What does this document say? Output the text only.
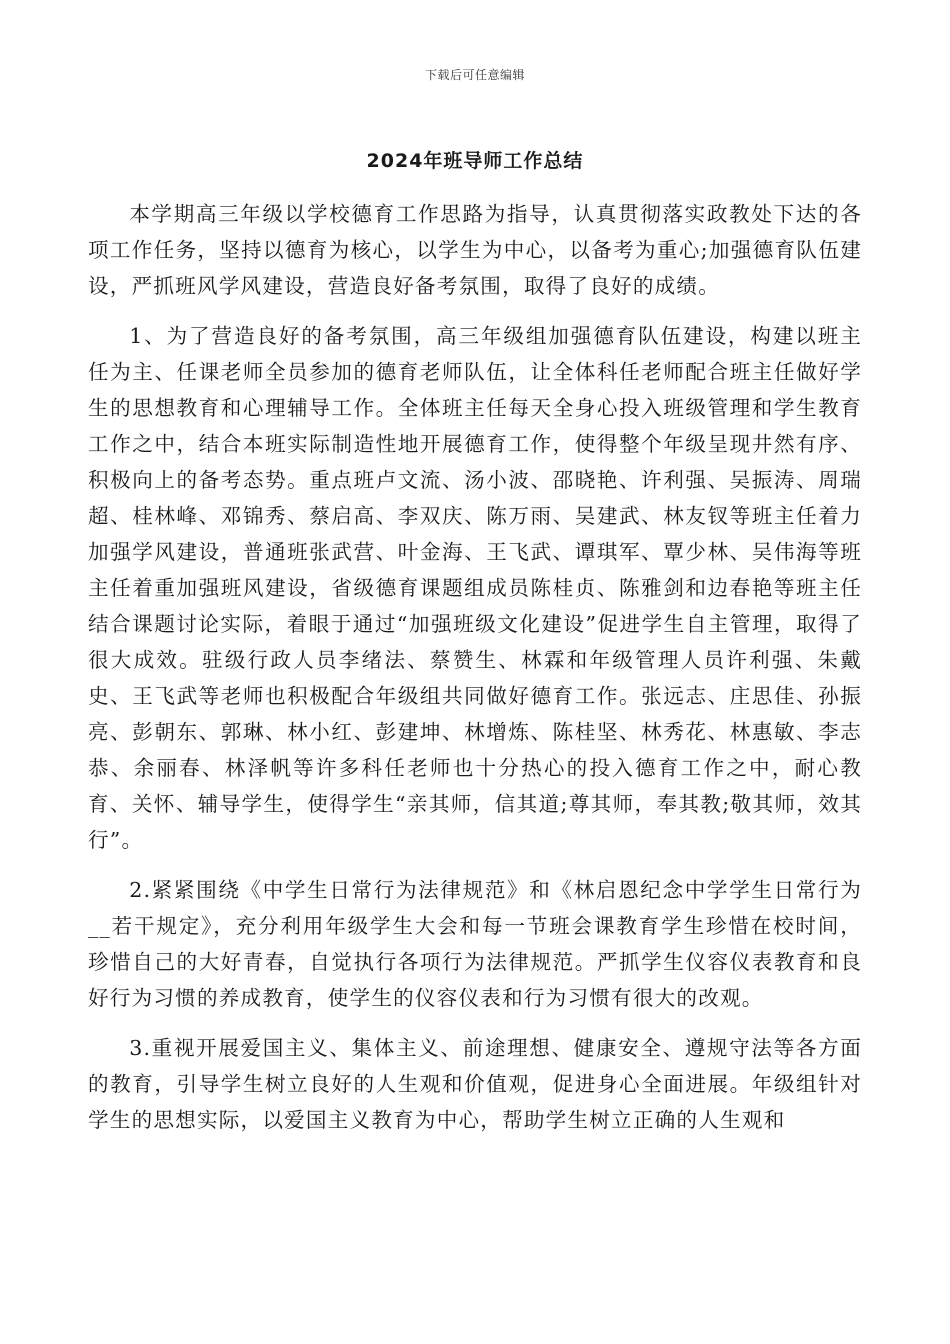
下载后可任意编辑
2024年班导师工作总结

本学期高三年级以学校德育工作思路为指导，认真贯彻落实政教处下达的各项工作任务，坚持以德育为核心，以学生为中心，以备考为重心;加强德育队伍建设，严抓班风学风建设，营造良好备考氛围，取得了良好的成绩。

1、为了营造良好的备考氛围，高三年级组加强德育队伍建设，构建以班主任为主、任课老师全员参加的德育老师队伍，让全体科任老师配合班主任做好学生的思想教育和心理辅导工作。全体班主任每天全身心投入班级管理和学生教育工作之中，结合本班实际制造性地开展德育工作，使得整个年级呈现井然有序、积极向上的备考态势。重点班卢文流、汤小波、邵晓艳、许利强、吴振涛、周瑞超、桂林峰、邓锦秀、蔡启高、李双庆、陈万雨、吴建武、林友钗等班主任着力加强学风建设，普通班张武营、叶金海、王飞武、谭琪军、覃少林、吴伟海等班主任着重加强班风建设，省级德育课题组成员陈桂贞、陈雅剑和边春艳等班主任结合课题讨论实际，着眼于通过“加强班级文化建设”促进学生自主管理，取得了很大成效。驻级行政人员李绪法、蔡赞生、林霖和年级管理人员许利强、朱戴史、王飞武等老师也积极配合年级组共同做好德育工作。张远志、庄思佳、孙振亮、彭朝东、郭琳、林小红、彭建坤、林增炼、陈桂坚、林秀花、林惠敏、李志恭、余丽春、林泽帆等许多科任老师也十分热心的投入德育工作之中，耐心教育、关怀、辅导学生，使得学生“亲其师，信其道;尊其师，奉其教;敬其师，效其行”。

2.紧紧围绕《中学生日常行为法律规范》和《林启恩纪念中学学生日常行为__若干规定》，充分利用年级学生大会和每一节班会课教育学生珍惜在校时间，珍惜自己的大好青春，自觉执行各项行为法律规范。严抓学生仪容仪表教育和良好行为习惯的养成教育，使学生的仪容仪表和行为习惯有很大的改观。

3.重视开展爱国主义、集体主义、前途理想、健康安全、遵规守法等各方面的教育，引导学生树立良好的人生观和价值观，促进身心全面进展。年级组针对学生的思想实际，以爱国主义教育为中心，帮助学生树立正确的人生观和
